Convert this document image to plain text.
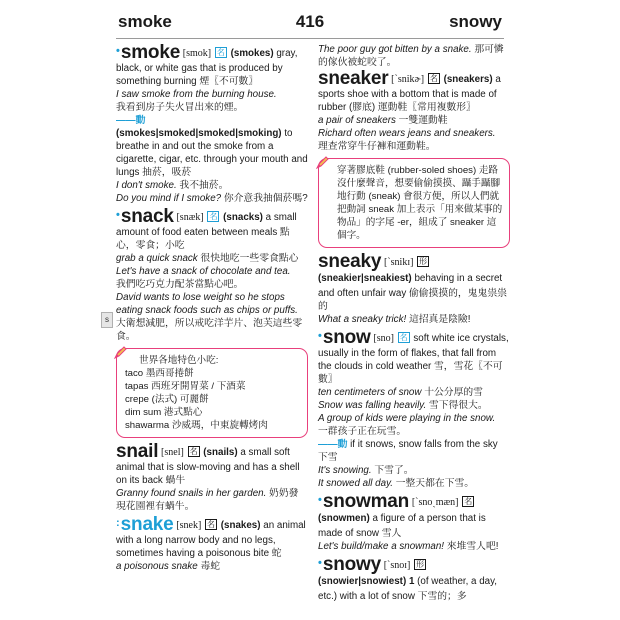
smoke	416	snowy
s
•smoke [smok] 名 (smokes) gray, black, or white gas that is produced by something burning 煙〖不可數〗
I saw smoke from the burning house.
我看到房子失火冒出來的煙。
——動 (smokes|smoked|smoked|smoking) to breathe in and out the smoke from a cigarette, cigar, etc. through your mouth and lungs 抽菸，吸菸
I don't smoke. 我不抽菸。
Do you mind if I smoke? 你介意我抽個菸嗎?
•snack [snæk] 名 (snacks) a small amount of food eaten between meals 點心，零食；小吃
grab a quick snack 很快地吃一些零食點心
Let's have a snack of chocolate and tea.
我們吃巧克力配茶當點心吧。
David wants to lose weight so he stops eating snack foods such as chips or puffs. 大衛想減肥，所以戒吃洋芋片、泡芙這些零食。
世界各地特色小吃:
taco 墨西哥捲餅
tapas 西班牙開胃菜 / 下酒菜
crepe (法式) 可麗餅
dim sum 港式點心
shawarma 沙威瑪，中東旋轉烤肉
snail [snel] 名 (snails) a small soft animal that is slow-moving and has a shell on its back 蝸牛
Granny found snails in her garden. 奶奶發現花園裡有蝸牛。
:snake [snek] 名 (snakes) an animal with a long narrow body and no legs, sometimes having a poisonous bite 蛇
a poisonous snake 毒蛇
The poor guy got bitten by a snake. 那可憐的傢伙被蛇咬了。
sneaker [ˋsnikɚ] 名 (sneakers) a sports shoe with a bottom that is made of rubber (膠底) 運動鞋〖常用複數形〗
a pair of sneakers 一雙運動鞋
Richard often wears jeans and sneakers.
理查常穿牛仔褲和運動鞋。
穿著膠底鞋 (rubber-soled shoes) 走路沒什麼聲音，想要偷偷摸摸、躡手躡腳地行動 (sneak) 會很方便，所以人們就把動詞 sneak 加上表示「用來做某事的物品」的字尾 -er，組成了 sneaker 這個字。
sneaky [ˋsnikɪ] 形 (sneakier|sneakiest) behaving in a secret and often unfair way 偷偷摸摸的，鬼鬼祟祟的
What a sneaky trick! 這招真是陰險!
•snow [sno] 名 soft white ice crystals, usually in the form of flakes, that fall from the clouds in cold weather 雪，雪花〖不可數〗
ten centimeters of snow 十公分厚的雪
Snow was falling heavily. 雪下得很大。
A group of kids were playing in the snow.
一群孩子正在玩雪。
——動 if it snows, snow falls from the sky 下雪
It's snowing. 下雪了。
It snowed all day. 一整天都在下雪。
•snowman [ˋsnoˏmæn] 名 (snowmen) a figure of a person that is made of snow 雪人
Let's build/make a snowman! 來堆雪人吧!
•snowy [ˋsnoɪ] 形 (snowier|snowiest) 1 (of weather, a day, etc.) with a lot of snow 下雪的；多
